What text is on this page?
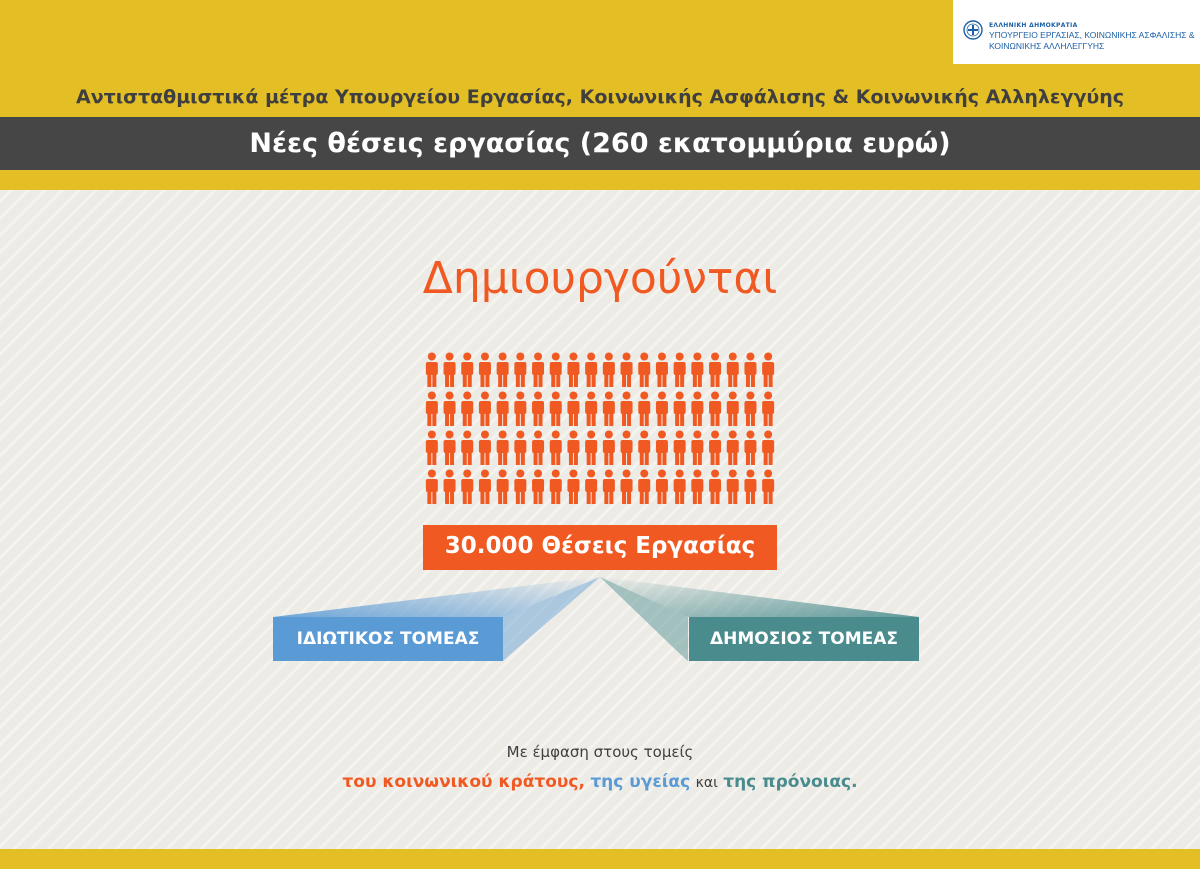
ΕΛΛΗΝΙΚΗ ΔΗΜΟΚΡΑΤΙΑ
ΥΠΟΥΡΓΕΙΟ ΕΡΓΑΣΙΑΣ, ΚΟΙΝΩΝΙΚΗΣ ΑΣΦΑΛΙΣΗΣ &
ΚΟΙΝΩΝΙΚΗΣ ΑΛΛΗΛΕΓΓΥΗΣ
Αντισταθμιστικά μέτρα Υπουργείου Εργασίας, Κοινωνικής Ασφάλισης & Κοινωνικής Αλληλεγγύης
Νέες θέσεις εργασίας (260 εκατομμύρια ευρώ)
Δημιουργούνται
30.000 Θέσεις Εργασίας
ΙΔΙΩΤΙΚΟΣ ΤΟΜΕΑΣ	ΔΗΜΟΣΙΟΣ ΤΟΜΕΑΣ
Με έμφαση στους τομείς
του κοινωνικού κράτους, της υγείας και της πρόνοιας.
